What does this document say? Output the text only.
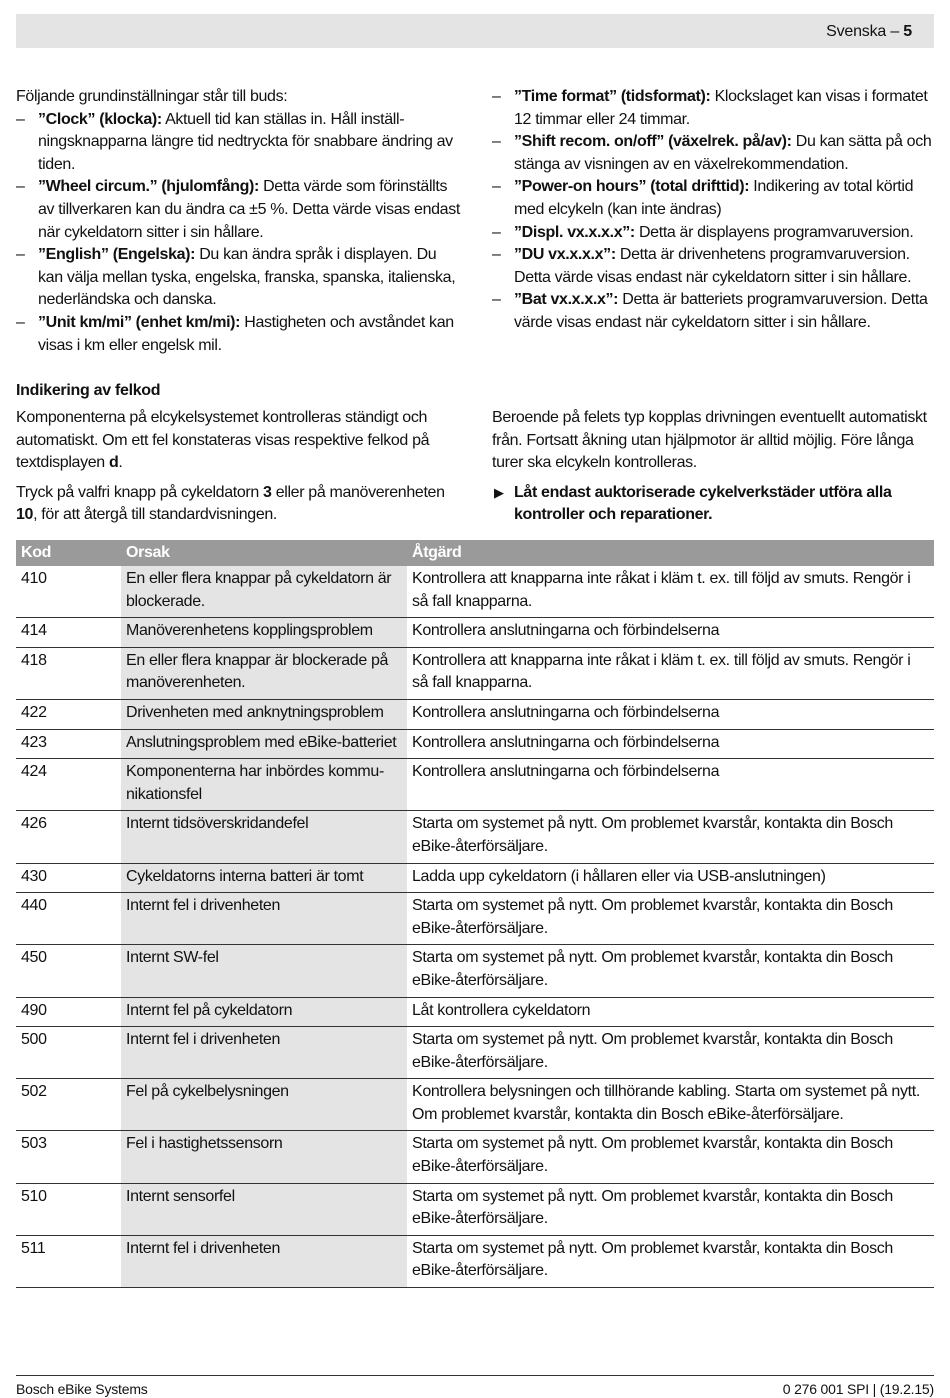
Svenska – 5
Följande grundinställningar står till buds:
– ”Clock” (klocka): Aktuell tid kan ställas in. Håll inställningsknapparna längre tid nedtryckta för snabbare ändring av tiden.
– ”Wheel circum.” (hjulomfång): Detta värde som förinställts av tillverkaren kan du ändra ca ±5 %. Detta värde visas endast när cykeldatorn sitter i sin hållare.
– ”English” (Engelska): Du kan ändra språk i displayen. Du kan välja mellan tyska, engelska, franska, spanska, italienska, nederländska och danska.
– ”Unit km/mi” (enhet km/mi): Hastigheten och avståndet kan visas i km eller engelsk mil.
– ”Time format” (tidsformat): Klockslaget kan visas i formatet 12 timmar eller 24 timmar.
– ”Shift recom. on/off” (växelrek. på/av): Du kan sätta på och stänga av visningen av en växelrekommendation.
– ”Power-on hours” (total drifttid): Indikering av total körtid med elcykeln (kan inte ändras)
– ”Displ. vx.x.x.x”: Detta är displayens programvaruversion.
– ”DU vx.x.x.x”: Detta är drivenhetens programvaruversion. Detta värde visas endast när cykeldatorn sitter i sin hållare.
– ”Bat vx.x.x.x”: Detta är batteriets programvaruversion. Detta värde visas endast när cykeldatorn sitter i sin hållare.
Indikering av felkod
Komponenterna på elcykelsystemet kontrolleras ständigt och automatiskt. Om ett fel konstateras visas respektive felkod på textdisplayen d.
Tryck på valfri knapp på cykeldatorn 3 eller på manöverenheten 10, för att återgå till standardvisningen.
Beroende på felets typ kopplas drivningen eventuellt automatiskt från. Fortsatt åkning utan hjälpmotor är alltid möjlig. Före långa turer ska elcykeln kontrolleras.
▶ Låt endast auktoriserade cykelverkstäder utföra alla kontroller och reparationer.
Kod	Orsak	Åtgärd
410	En eller flera knappar på cykeldatorn är blockerade.	Kontrollera att knapparna inte råkat i kläm t. ex. till följd av smuts. Rengör i så fall knapparna.
414	Manöverenhetens kopplingsproblem	Kontrollera anslutningarna och förbindelserna
418	En eller flera knappar är blockerade på manöverenheten.	Kontrollera att knapparna inte råkat i kläm t. ex. till följd av smuts. Rengör i så fall knapparna.
422	Drivenheten med anknytningsproblem	Kontrollera anslutningarna och förbindelserna
423	Anslutningsproblem med eBike-batteriet	Kontrollera anslutningarna och förbindelserna
424	Komponenterna har inbördes kommunikationsfel	Kontrollera anslutningarna och förbindelserna
426	Internt tidsöverskridandefel	Starta om systemet på nytt. Om problemet kvarstår, kontakta din Bosch eBike-återförsäljare.
430	Cykeldatorns interna batteri är tomt	Ladda upp cykeldatorn (i hållaren eller via USB-anslutningen)
440	Internt fel i drivenheten	Starta om systemet på nytt. Om problemet kvarstår, kontakta din Bosch eBike-återförsäljare.
450	Internt SW-fel	Starta om systemet på nytt. Om problemet kvarstår, kontakta din Bosch eBike-återförsäljare.
490	Internt fel på cykeldatorn	Låt kontrollera cykeldatorn
500	Internt fel i drivenheten	Starta om systemet på nytt. Om problemet kvarstår, kontakta din Bosch eBike-återförsäljare.
502	Fel på cykelbelysningen	Kontrollera belysningen och tillhörande kabling. Starta om systemet på nytt. Om problemet kvarstår, kontakta din Bosch eBike-återförsäljare.
503	Fel i hastighetssensorn	Starta om systemet på nytt. Om problemet kvarstår, kontakta din Bosch eBike-återförsäljare.
510	Internt sensorfel	Starta om systemet på nytt. Om problemet kvarstår, kontakta din Bosch eBike-återförsäljare.
511	Internt fel i drivenheten	Starta om systemet på nytt. Om problemet kvarstår, kontakta din Bosch eBike-återförsäljare.
Bosch eBike Systems	0 276 001 SPI | (19.2.15)
